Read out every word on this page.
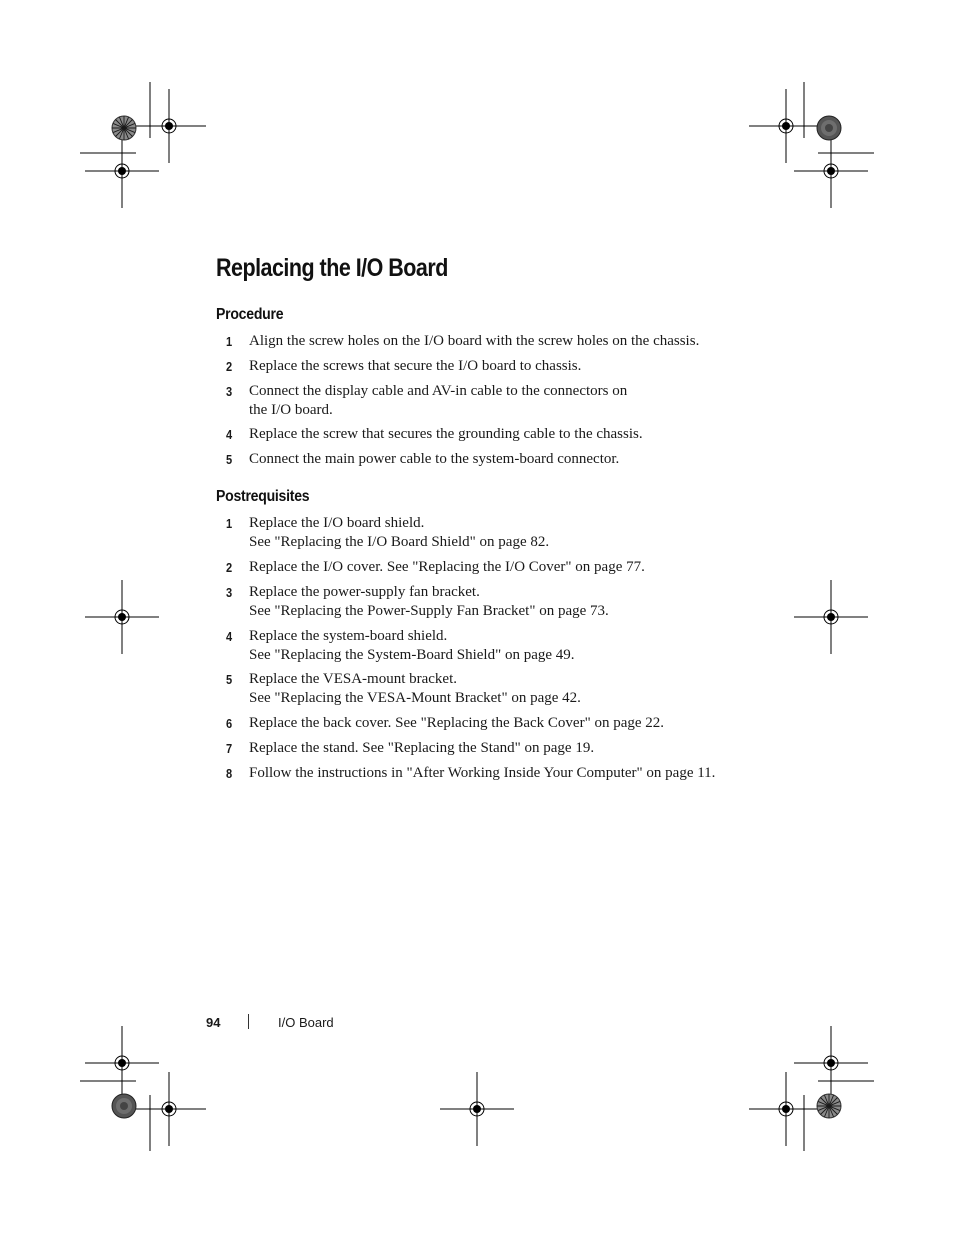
Replacing the I/O Board
Procedure
1 Align the screw holes on the I/O board with the screw holes on the chassis.
2 Replace the screws that secure the I/O board to chassis.
3 Connect the display cable and AV-in cable to the connectors on
the I/O board.
4 Replace the screw that secures the grounding cable to the chassis.
5 Connect the main power cable to the system-board connector.
Postrequisites
1 Replace the I/O board shield.
See "Replacing the I/O Board Shield" on page 82.
2 Replace the I/O cover. See "Replacing the I/O Cover" on page 77.
3 Replace the power-supply fan bracket.
See "Replacing the Power-Supply Fan Bracket" on page 73.
4 Replace the system-board shield.
See "Replacing the System-Board Shield" on page 49.
5 Replace the VESA-mount bracket.
See "Replacing the VESA-Mount Bracket" on page 42.
6 Replace the back cover. See "Replacing the Back Cover" on page 22.
7 Replace the stand. See "Replacing the Stand" on page 19.
8 Follow the instructions in "After Working Inside Your Computer" on page 11.
94	I/O Board
